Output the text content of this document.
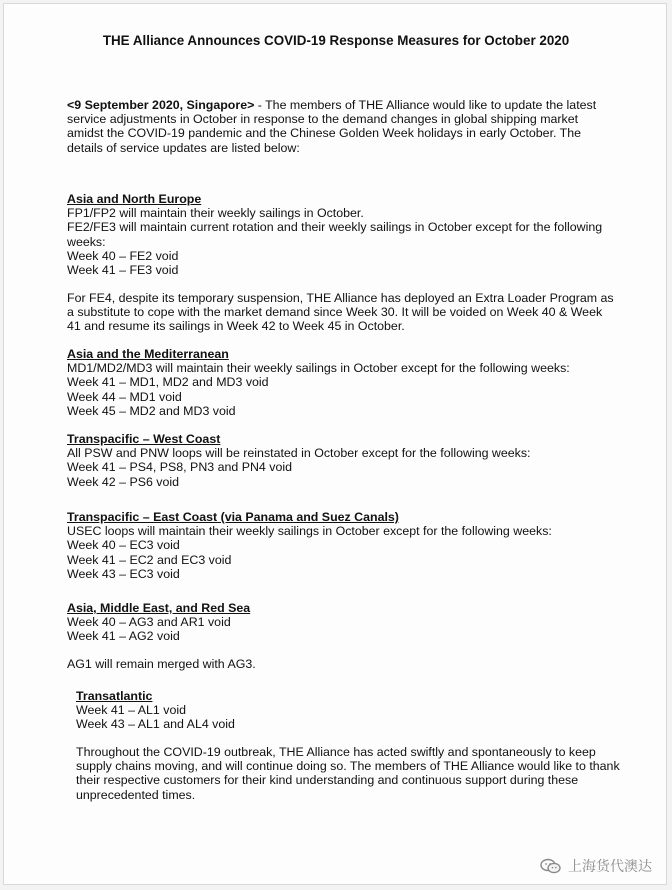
THE Alliance Announces COVID-19 Response Measures for October 2020
<9 September 2020, Singapore> - The members of THE Alliance would like to update the latest
service adjustments in October in response to the demand changes in global shipping market
amidst the COVID-19 pandemic and the Chinese Golden Week holidays in early October. The
details of service updates are listed below:
Asia and North Europe
FP1/FP2 will maintain their weekly sailings in October.
FE2/FE3 will maintain current rotation and their weekly sailings in October except for the following
weeks:
Week 40 – FE2 void
Week 41 – FE3 void
For FE4, despite its temporary suspension, THE Alliance has deployed an Extra Loader Program as
a substitute to cope with the market demand since Week 30. It will be voided on Week 40 & Week
41 and resume its sailings in Week 42 to Week 45 in October.
Asia and the Mediterranean
MD1/MD2/MD3 will maintain their weekly sailings in October except for the following weeks:
Week 41 – MD1, MD2 and MD3 void
Week 44 – MD1 void
Week 45 – MD2 and MD3 void
Transpacific – West Coast
All PSW and PNW loops will be reinstated in October except for the following weeks:
Week 41 – PS4, PS8, PN3 and PN4 void
Week 42 – PS6 void
Transpacific – East Coast (via Panama and Suez Canals)
USEC loops will maintain their weekly sailings in October except for the following weeks:
Week 40 – EC3 void
Week 41 – EC2 and EC3 void
Week 43 – EC3 void
Asia, Middle East, and Red Sea
Week 40 – AG3 and AR1 void
Week 41 – AG2 void
AG1 will remain merged with AG3.
Transatlantic
Week 41 – AL1 void
Week 43 – AL1 and AL4 void
Throughout the COVID-19 outbreak, THE Alliance has acted swiftly and spontaneously to keep
supply chains moving, and will continue doing so. The members of THE Alliance would like to thank
their respective customers for their kind understanding and continuous support during these
unprecedented times.
上海货代澳达
